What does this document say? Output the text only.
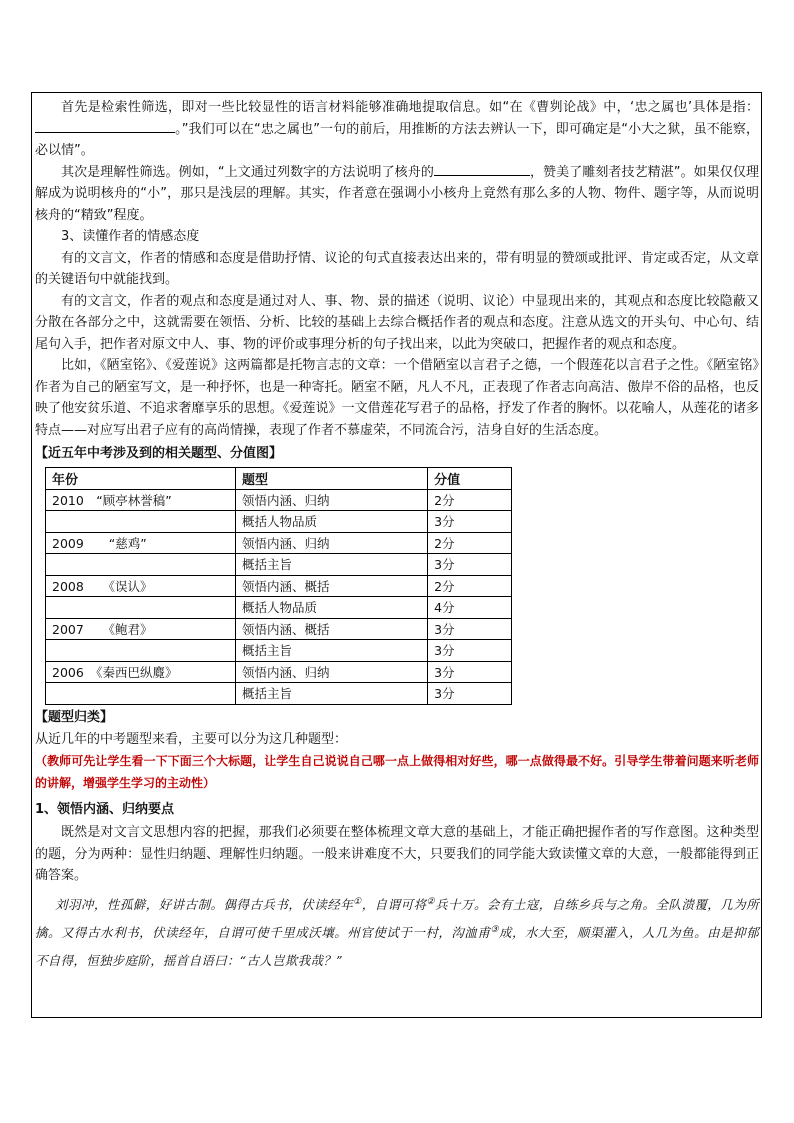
首先是检索性筛选，即对一些比较显性的语言材料能够准确地提取信息。如“在《曹刿论战》中，‘忠之属也’具体是指：。”我们可以在“忠之属也”一句的前后，用推断的方法去辨认一下，即可确定是“小大之狱，虽不能察，必以情”。

其次是理解性筛选。例如，“上文通过列数字的方法说明了核舟的	，赞美了雕刻者技艺精湛”。如果仅仅理解成为说明核舟的“小”，那只是浅层的理解。其实，作者意在强调小小核舟上竟然有那么多的人物、物件、题字等，从而说明核舟的“精致”程度。

3、读懂作者的情感态度

有的文言文，作者的情感和态度是借助抒情、议论的句式直接表达出来的，带有明显的赞颂或批评、肯定或否定，从文章的关键语句中就能找到。

有的文言文，作者的观点和态度是通过对人、事、物、景的描述（说明、议论）中显现出来的，其观点和态度比较隐蔽又分散在各部分之中，这就需要在领悟、分析、比较的基础上去综合概括作者的观点和态度。注意从选文的开头句、中心句、结尾句入手，把作者对原文中人、事、物的评价或事理分析的句子找出来，以此为突破口，把握作者的观点和态度。

比如，《陋室铭》、《爱莲说》这两篇都是托物言志的文章：一个借陋室以言君子之德，一个假莲花以言君子之性。《陋室铭》作者为自己的陋室写文，是一种抒怀，也是一种寄托。陋室不陋，凡人不凡，正表现了作者志向高洁、傲岸不俗的品格，也反映了他安贫乐道、不追求奢靡享乐的思想。《爱莲说》一文借莲花写君子的品格，抒发了作者的胸怀。以花喻人，从莲花的诸多特点——对应写出君子应有的高尚情操，表现了作者不慕虚荣，不同流合污，洁身自好的生活态度。

【近五年中考涉及到的相关题型、分值图】

年份	题型	分值
2010　“顾亭林誉稿”	领悟内涵、归纳	2分
	概括人物品质	3分
2009　　“慈鸡”	领悟内涵、归纳	2分
	概括主旨	3分
2008　　《误认》	领悟内涵、概括	2分
	概括人物品质	4分
2007　　《鲍君》	领悟内涵、概括	3分
	概括主旨	3分
2006　《秦西巴纵麑》	领悟内涵、归纳	3分
	概括主旨	3分

【题型归类】

从近几年的中考题型来看，主要可以分为这几种题型：

（教师可先让学生看一下下面三个大标题，让学生自己说说自己哪一点上做得相对好些，哪一点做得最不好。引导学生带着问题来听老师的讲解，增强学生学习的主动性）

1、领悟内涵、归纳要点

既然是对文言文思想内容的把握，那我们必须要在整体梳理文章大意的基础上，才能正确把握作者的写作意图。这种类型的题，分为两种：显性归纳题、理解性归纳题。一般来讲难度不大，只要我们的同学能大致读懂文章的大意，一般都能得到正确答案。

刘羽冲，性孤僻，好讲古制。偶得古兵书，伏读经年①，自谓可将②兵十万。会有土寇，自练乡兵与之角。全队溃覆，几为所擒。又得古水利书，伏读经年，自谓可使千里成沃壤。州官使试于一村，沟洫甫③成，水大至，顺渠灌入，人几为鱼。由是抑郁不自得，恒独步庭阶，摇首自语曰：“古人岂欺我哉？”
